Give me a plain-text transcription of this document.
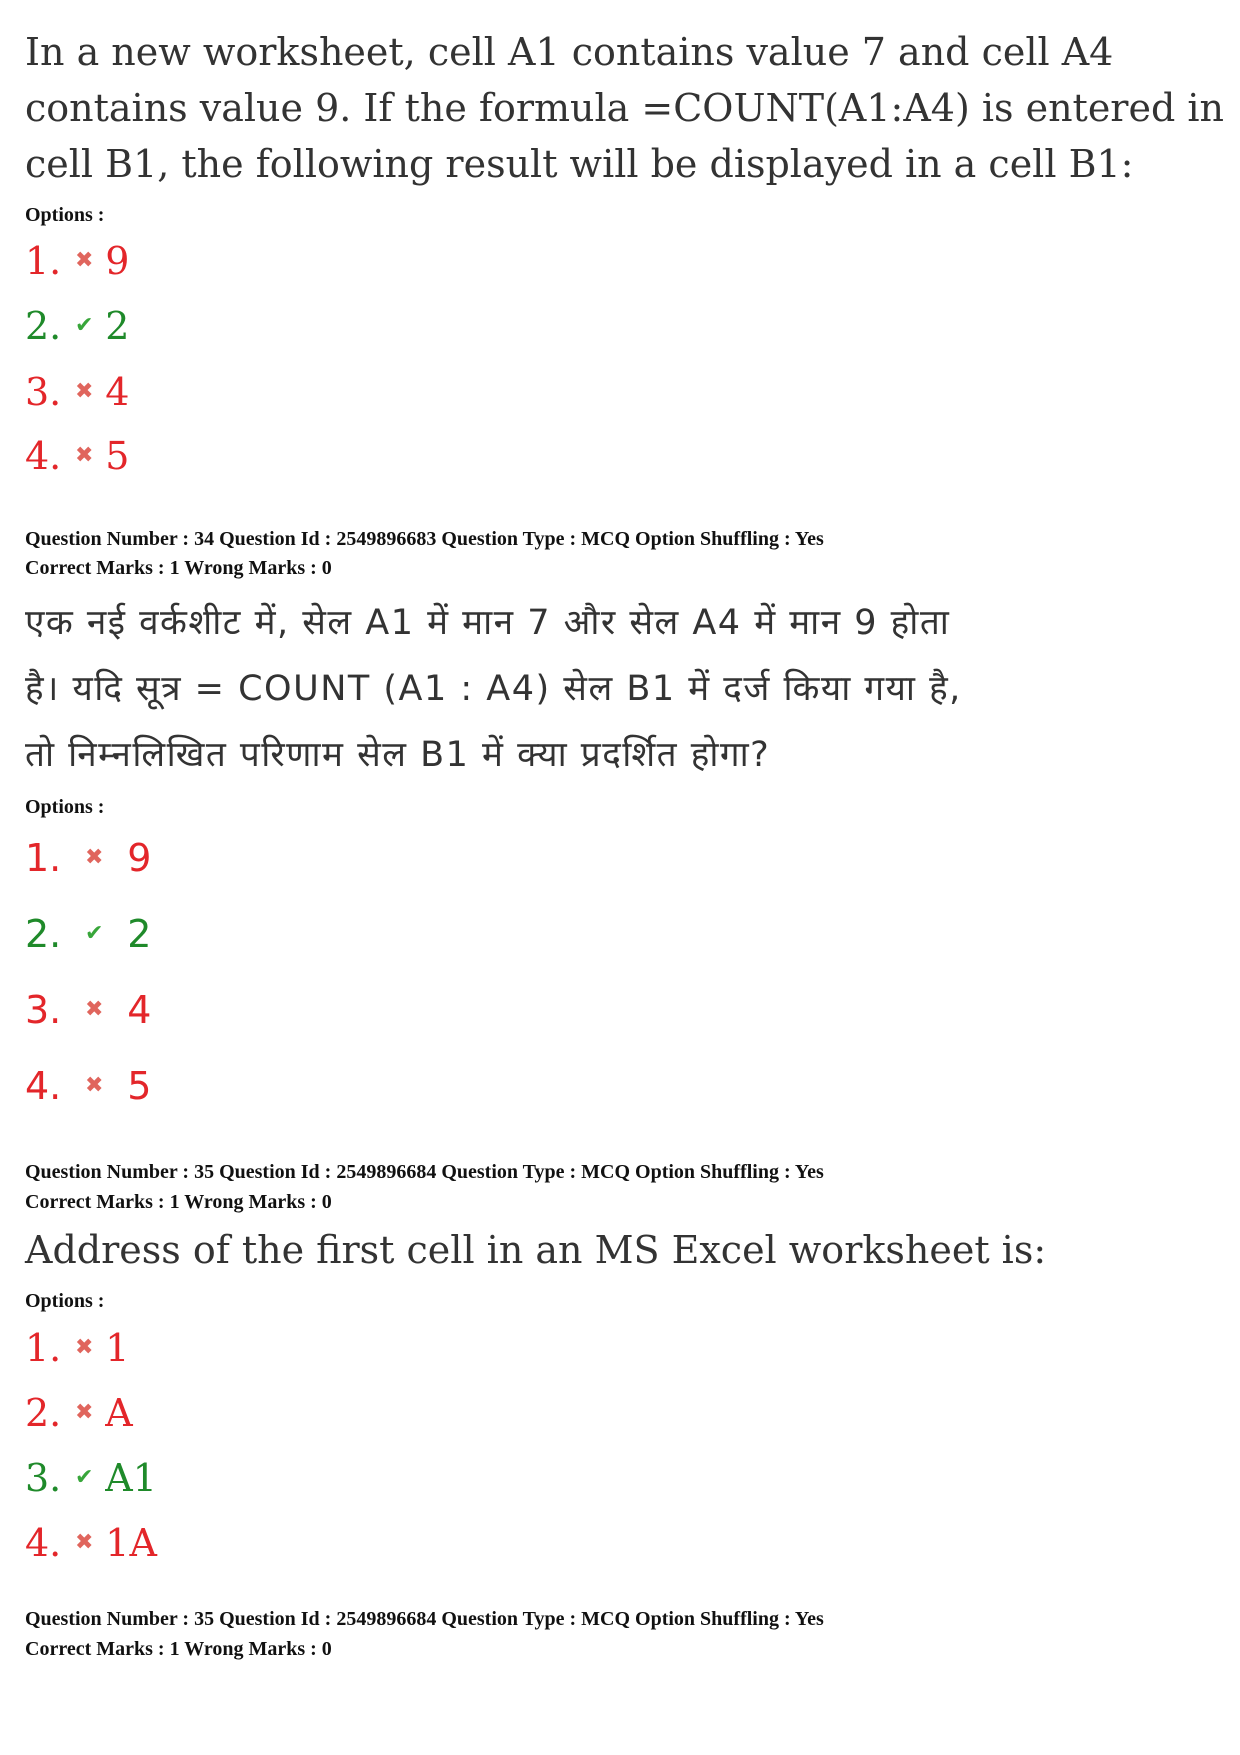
In a new worksheet, cell A1 contains value 7 and cell A4
contains value 9. If the formula =COUNT(A1:A4) is entered in
cell B1, the following result will be displayed in a cell B1:
Options :
1. ✖ 9
2. ✔ 2
3. ✖ 4
4. ✖ 5
Question Number : 34 Question Id : 2549896683 Question Type : MCQ Option Shuffling : Yes
Correct Marks : 1 Wrong Marks : 0
एक नई वर्कशीट में, सेल A1 में मान 7 और सेल A4 में मान 9 होता
है। यदि सूत्र = COUNT (A1 : A4) सेल B1 में दर्ज किया गया है,
तो निम्नलिखित परिणाम सेल B1 में क्या प्रदर्शित होगा?
Options :
1. ✖ 9
2. ✔ 2
3. ✖ 4
4. ✖ 5
Question Number : 35 Question Id : 2549896684 Question Type : MCQ Option Shuffling : Yes
Correct Marks : 1 Wrong Marks : 0
Address of the first cell in an MS Excel worksheet is:
Options :
1. ✖ 1
2. ✖ A
3. ✔ A1
4. ✖ 1A
Question Number : 35 Question Id : 2549896684 Question Type : MCQ Option Shuffling : Yes
Correct Marks : 1 Wrong Marks : 0
